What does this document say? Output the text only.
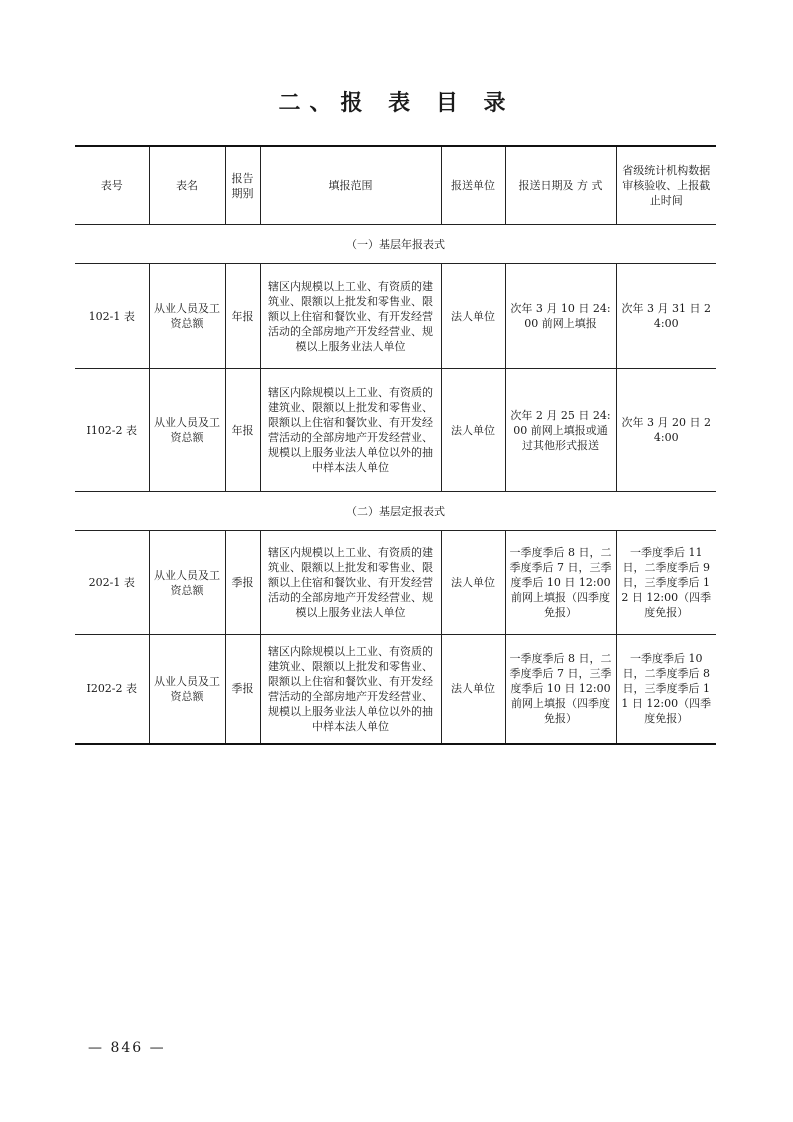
二、报 表 目 录
表号	表名	报告期别	填报范围	报送单位	报送日期及 方 式	省级统计机构数据审核验收、上报截止时间
（一）基层年报表式						
102-1 表	从业人员及工资总额	年报	辖区内规模以上工业、有资质的建筑业、限额以上批发和零售业、限额以上住宿和餐饮业、有开发经营活动的全部房地产开发经营业、规模以上服务业法人单位	法人单位	次年 3 月 10 日 24:00 前网上填报	次年 3 月 31 日 24:00
I102-2 表	从业人员及工资总额	年报	辖区内除规模以上工业、有资质的建筑业、限额以上批发和零售业、限额以上住宿和餐饮业、有开发经营活动的全部房地产开发经营业、规模以上服务业法人单位以外的抽中样本法人单位	法人单位	次年 2 月 25 日 24:00 前网上填报或通过其他形式报送	次年 3 月 20 日 24:00
（二）基层定报表式						
202-1 表	从业人员及工资总额	季报	辖区内规模以上工业、有资质的建筑业、限额以上批发和零售业、限额以上住宿和餐饮业、有开发经营活动的全部房地产开发经营业、规模以上服务业法人单位	法人单位	一季度季后 8 日，二季度季后 7 日，三季度季后 10 日 12:00 前网上填报（四季度免报）	一季度季后 11 日，二季度季后 9 日，三季度季后 12 日 12:00（四季度免报）
I202-2 表	从业人员及工资总额	季报	辖区内除规模以上工业、有资质的建筑业、限额以上批发和零售业、限额以上住宿和餐饮业、有开发经营活动的全部房地产开发经营业、规模以上服务业法人单位以外的抽中样本法人单位	法人单位	一季度季后 8 日，二季度季后 7 日，三季度季后 10 日 12:00 前网上填报（四季度免报）	一季度季后 10 日，二季度季后 8 日，三季度季后 11 日 12:00（四季度免报）
— 846 —
